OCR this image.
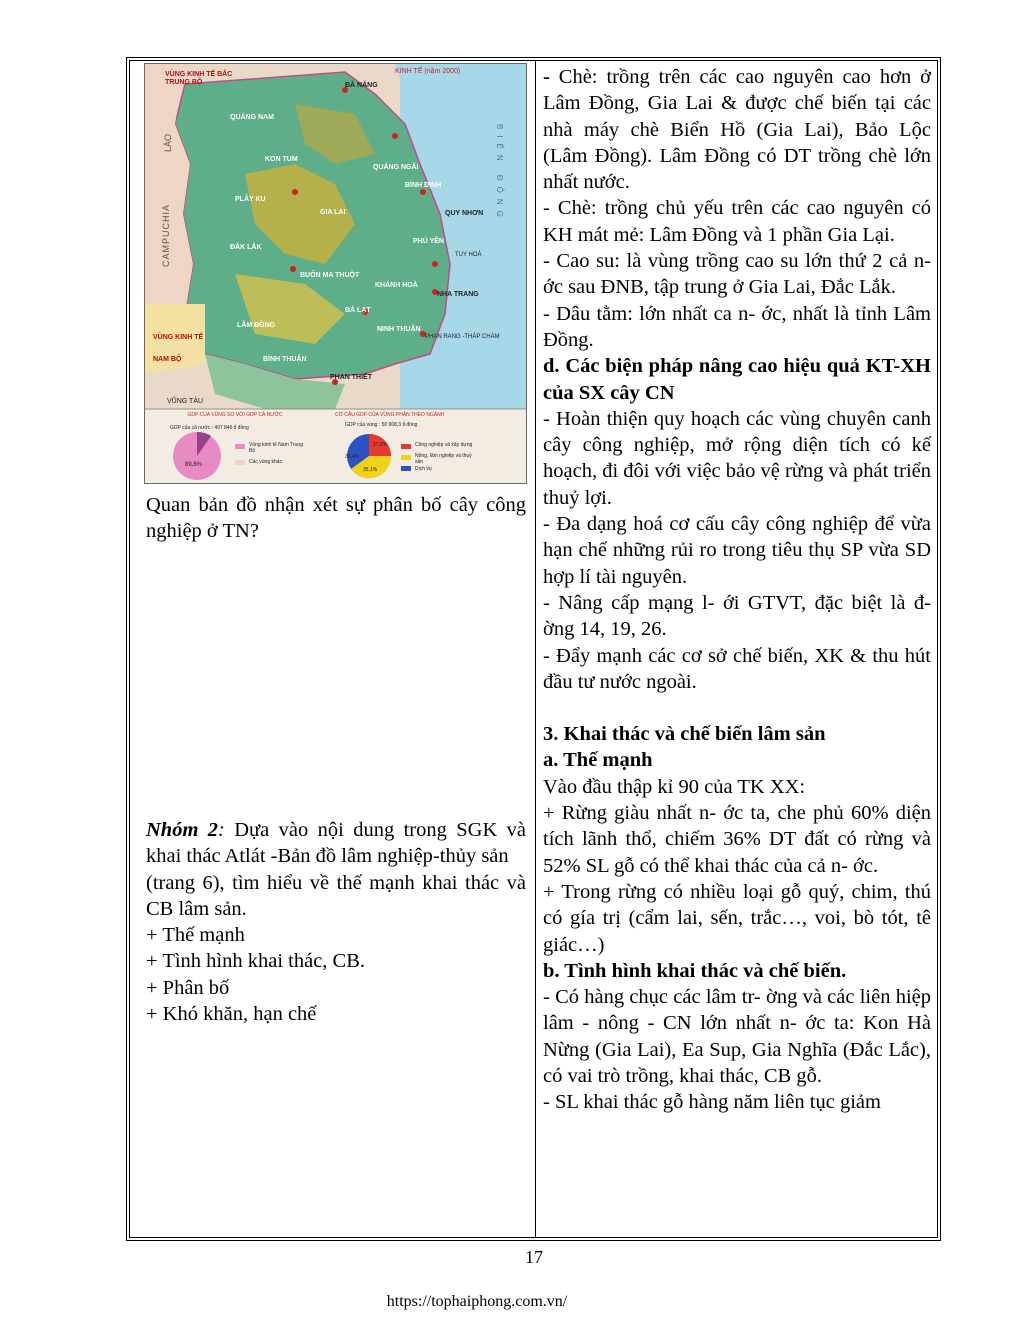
KINH TẾ (năm 2000)
VÙNG KINH TẾ BẮC TRUNG BỘ	ĐÀ NẴNG
QUẢNG NAM
LÀO
CAMPUCHIA
KON TUM
QUẢNG NGÃI
BÌNH ĐỊNH
PLÂY KU
GIA LAI	QUY NHƠN
ĐẮK LẮK
PHÚ YÊN
TUY HOÀ
BUÔN MA THUỘT
KHÁNH HOÀ
NHA TRANG
ĐÀ LẠT
LÂM ĐỒNG
NINH THUẬN
PHAN RANG -THÁP CHÀM
BÌNH THUẬN
PHAN THIẾT
VÙNG KINH TẾ
NAM BỘ
VŨNG TÀU
BIỂN ĐÔNG
GDP CỦA VÙNG SO VỚI GDP CẢ NƯỚC
GDP của cả nước : 497 846 tỉ đồng
89,8%
Vùng kinh tế Nam Trung Bộ
Các vùng khác
CƠ CẤU GDP CỦA VÙNG PHÂN THEO NGÀNH
GDP của vùng : 50 908,3 tỉ đồng
27,8%
36,4%
35,1%
Công nghiệp và xây dựng
Nông, lâm nghiệp và thuỷ sản
Dịch vụ

Quan bản đồ nhận xét sự phân bố cây công nghiệp ở TN?

Nhóm 2: Dựa vào nội dung trong SGK và khai thác Atlát -Bản đồ lâm nghiệp-thủy sản

(trang 6), tìm hiểu về thế mạnh khai thác và CB lâm sản.

+ Thế mạnh

+ Tình hình khai thác, CB.

+ Phân bố

+ Khó khăn, hạn chế

- Chè: trồng trên các cao nguyên cao hơn ở Lâm Đồng, Gia Lai & được chế biến tại các nhà máy chè Biển Hồ (Gia Lai), Bảo Lộc (Lâm Đồng). Lâm Đồng có DT trồng chè lớn nhất nước.

- Chè: trồng chủ yếu trên các cao nguyên có KH mát mẻ: Lâm Đồng và 1 phần Gia Lại.

- Cao su: là vùng trồng cao su lớn thứ 2 cả n- ớc sau ĐNB, tập trung ở Gia Lai, Đắc Lắk.

- Dâu tằm: lớn nhất ca n- ớc, nhất là tỉnh Lâm Đồng.

d. Các biện pháp nâng cao hiệu quả KT-XH của SX cây CN

- Hoàn thiện quy hoạch các vùng chuyên canh cây công nghiệp, mở rộng diện tích có kế hoạch, đi đôi với việc bảo vệ rừng và phát triển thuỷ lợi.

- Đa dạng hoá cơ cấu cây công nghiệp để vừa hạn chế những rủi ro trong tiêu thụ SP vừa SD hợp lí tài nguyên.

- Nâng cấp mạng l- ới GTVT, đặc biệt là đ- ờng 14, 19, 26.

- Đẩy mạnh các cơ sở chế biến, XK & thu hút đầu tư nước ngoài.

3. Khai thác và chế biến lâm sản

a. Thế mạnh

Vào đầu thập kỉ 90 của TK XX:

+ Rừng giàu nhất n- ớc ta, che phủ 60% diện tích lãnh thổ, chiếm 36% DT đất có rừng và 52% SL gỗ có thể khai thác của cả n- ớc.

+ Trong rừng có nhiều loại gỗ quý, chim, thú có gía trị (cẩm lai, sến, trắc…, voi, bò tót, tê giác…)

b. Tình hình khai thác và chế biến.

- Có hàng chục các lâm tr- ờng và các liên hiệp lâm - nông - CN lớn nhất n- ớc ta: Kon Hà Nừng (Gia Lai), Ea Sup, Gia Nghĩa (Đắc Lắc), có vai trò trồng, khai thác, CB gỗ.

- SL khai thác gỗ hàng năm liên tục giảm

17
https://tophaiphong.com.vn/
